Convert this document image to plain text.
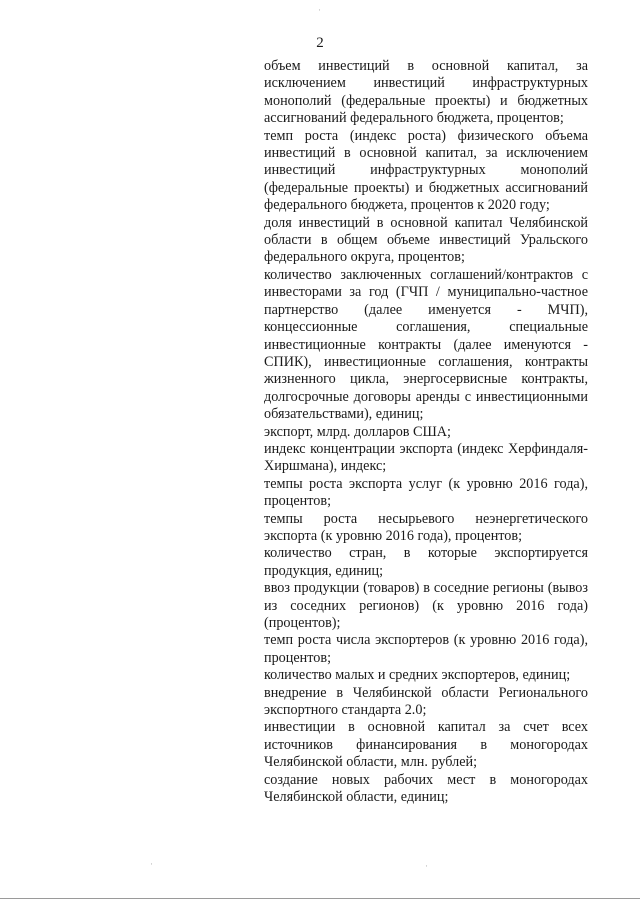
2

объем инвестиций в основной капитал, за исключением инвестиций инфраструктурных монополий (федеральные проекты) и бюджетных ассигнований федерального бюджета, процентов;

темп роста (индекс роста) физического объема инвестиций в основной капитал, за исключением инвестиций инфраструктурных монополий (федеральные проекты) и бюджетных ассигнований федерального бюджета, процентов к 2020 году;

доля инвестиций в основной капитал Челябинской области в общем объеме инвестиций Уральского федерального округа, процентов;

количество заключенных соглашений/контрактов с инвесторами за год (ГЧП / муниципально-частное партнерство (далее именуется - МЧП), концессионные соглашения, специальные инвестиционные контракты (далее именуются - СПИК), инвестиционные соглашения, контракты жизненного цикла, энергосервисные контракты, долгосрочные договоры аренды с инвестиционными обязательствами), единиц;

экспорт, млрд. долларов США;

индекс концентрации экспорта (индекс Херфиндаля-Хиршмана), индекс;

темпы роста экспорта услуг (к уровню 2016 года), процентов;

темпы роста несырьевого неэнергетического экспорта (к уровню 2016 года), процентов;

количество стран, в которые экспортируется продукция, единиц;

ввоз продукции (товаров) в соседние регионы (вывоз из соседних регионов) (к уровню 2016 года) (процентов);

темп роста числа экспортеров (к уровню 2016 года), процентов;

количество малых и средних экспортеров, единиц;

внедрение в Челябинской области Регионального экспортного стандарта 2.0;

инвестиции в основной капитал за счет всех источников финансирования в моногородах Челябинской области, млн. рублей;

создание новых рабочих мест в моногородах Челябинской области, единиц;

·
·	·
